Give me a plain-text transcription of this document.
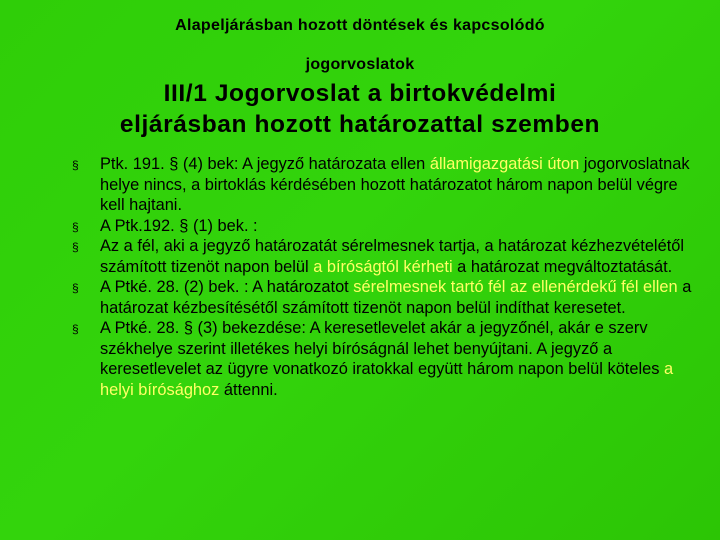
Alapeljárásban hozott döntések és kapcsolódó
jogorvoslatok
III/1 Jogorvoslat a birtokvédelmi
eljárásban hozott határozattal szemben
§ Ptk. 191. § (4) bek: A jegyző határozata ellen államigazgatási úton jogorvoslatnak helye nincs, a birtoklás kérdésében hozott határozatot három napon belül végre kell hajtani.
§ A Ptk.192. § (1) bek. :
§ Az a fél, aki a jegyző határozatát sérelmesnek tartja, a határozat kézhezvételétől számított tizenöt napon belül a bíróságtól kérheti a határozat megváltoztatását.
§ A Ptké. 28. (2) bek. : A határozatot sérelmesnek tartó fél az ellenérdekű fél ellen a határozat kézbesítésétől számított tizenöt napon belül indíthat keresetet.
§ A Ptké. 28. § (3) bekezdése: A keresetlevelet akár a jegyzőnél, akár e szerv székhelye szerint illetékes helyi bíróságnál lehet benyújtani. A jegyző a keresetlevelet az ügyre vonatkozó iratokkal együtt három napon belül köteles a helyi bírósághoz áttenni.
